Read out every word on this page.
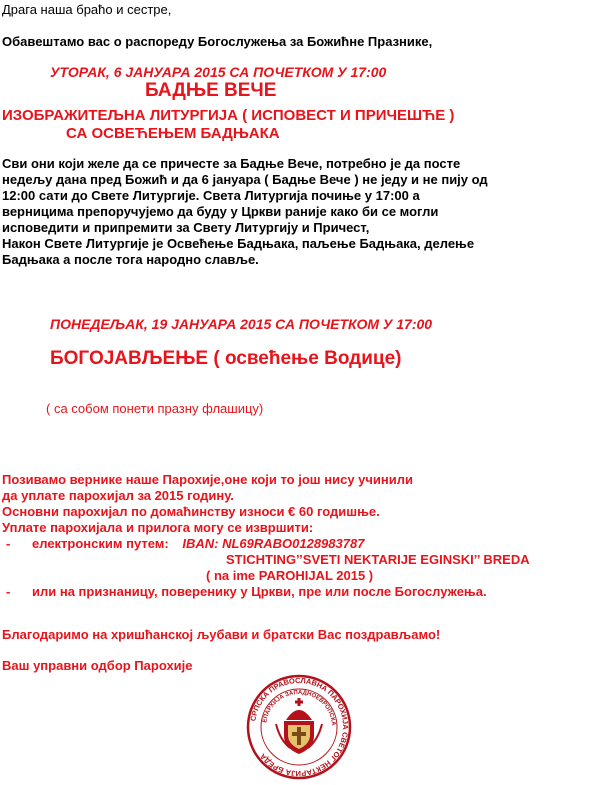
Драга наша браћо и сестре,
Обавештамо вас о распореду Богослужења за Божићне Празнике,
УТОРАК, 6 ЈАНУАРА 2015 СА ПОЧЕТКОМ У 17:00
БАДЊЕ ВЕЧЕ
ИЗОБРАЖИТЕЉНА ЛИТУРГИЈА ( ИСПОВЕСТ И ПРИЧЕШЋЕ )
СА ОСВЕЋЕЊЕМ БАДЊАКА
Сви они који желе да се причесте за Бадње Вече, потребно је да посте
недељу дана пред Божић и да 6 јануара ( Бадње Вече ) не једу и не пију од
12:00 сати до Свете Литургије. Света Литургија почиње у 17:00 а
верницима препоручујемо да буду у Цркви раније како би се могли
исповедити и припремити за Свету Литургију и Причест,
Након Свете Литургије је Освећење Бадњака, паљење Бадњака, делење
Бадњака а после тога народно славље.
ПОНЕДЕЉАК, 19 ЈАНУАРА 2015 СА ПОЧЕТКОМ У 17:00
БОГОЈАВЉЕЊЕ ( освећење Водице)
( са собом понети празну флашицу)
Позивамо вернике наше Парохије,оне који то још нису учинили
да уплате парохијал за 2015 годину.
Основни парохијал по домаћинству износи € 60 годишње.
Уплате парохијала и прилога могу се извршити:
- електронским путем: IBAN: NL69RABO0128983787
STICHTING’’SVETI NEKTARIJE EGINSKI’’ BREDA
( na ime PAROHIJAL 2015 )
- или на признаницу, поверенику у Цркви, пре или после Богослужења.
Благодаримо на хришћанској љубави и братски Вас поздрављамо!
Ваш управни одбор Парохије
СРПСКА ПРАВОСЛАВНА ПАРОХИЈА СВЕТОГ НЕКТАРИЈА БРЕДА
ЕПАРХИЈА ЗАПАДНОЕВРОПСКА
